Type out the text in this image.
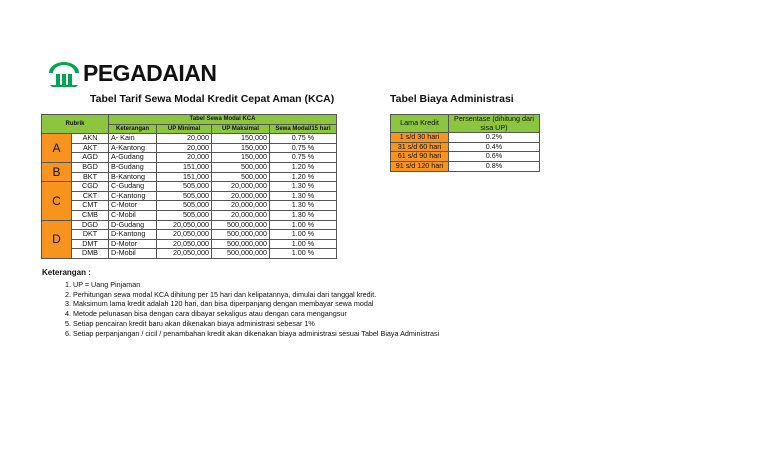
PEGADAIAN
Tabel Tarif Sewa Modal Kredit Cepat Aman (KCA)	Tabel Biaya Administrasi
Rubrik		Tabel Sewa Modal KCA			
		Keterangan	UP Minimal	UP Maksimal	Sewa Modal/15 hari
A	AKN	A- Kain	20,000	150,000	0.75 %
	AKT	A-Kantong	20,000	150,000	0.75 %
	AGD	A-Gudang	20,000	150,000	0.75 %
B	BGD	B-Gudang	151,000	500,000	1.20 %
	BKT	B-Kantong	151,000	500,000	1.20 %
C	CGD	C-Gudang	505,000	20,000,000	1.30 %
	CKT	C-Kantong	505,000	20,000,000	1.30 %
	CMT	C-Motor	505,000	20,000,000	1.30 %
	CMB	C-Mobil	505,000	20,000,000	1.30 %
D	DGD	D-Gudang	20,050,000	500,000,000	1.00 %
	DKT	D-Kantong	20,050,000	500,000,000	1.00 %
	DMT	D-Motor	20,050,000	500,000,000	1.00 %
	DMB	D-Mobil	20,050,000	500,000,000	1.00 %
Lama Kredit	Persentase (dihitung dari sisa UP)
1 s/d 30 hari	0.2%
31 s/d 60 hari	0.4%
61 s/d 90 hari	0.6%
91 s/d 120 hari	0.8%
Keterangan :
1. UP = Uang Pinjaman
2. Perhitungan sewa modal KCA dihitung per 15 hari dan kelipatannya, dimulai dari tanggal kredit.
3. Maksimum lama kredit adalah 120 hari, dan bisa diperpanjang dengan membayar sewa modal
4. Metode pelunasan bisa dengan cara dibayar sekaligus atau dengan cara mengangsur
5. Setiap pencairan kredit baru akan dikenakan biaya administrasi sebesar 1%
6. Setiap perpanjangan / cicil / penambahan kredit akan dikenakan biaya administrasi sesuai Tabel Biaya Administrasi
